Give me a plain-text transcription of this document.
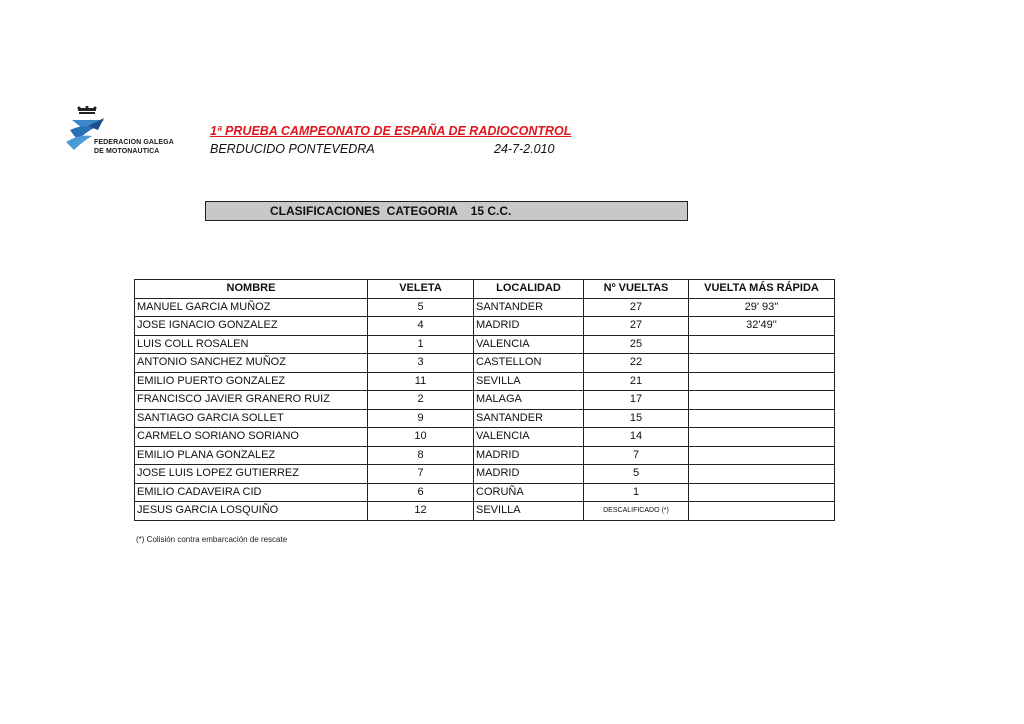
FEDERACION GALEGA
DE MOTONAUTICA
1ª PRUEBA CAMPEONATO DE ESPAÑA DE RADIOCONTROL
BERDUCIDO PONTEVEDRA	24-7-2.010
CLASIFICACIONES  CATEGORIA    15 C.C.
NOMBRE	VELETA	LOCALIDAD	Nº VUELTAS	VUELTA MÁS RÁPIDA
MANUEL GARCIA MUÑOZ	5	SANTANDER	27	29' 93''
JOSE IGNACIO GONZALEZ	4	MADRID	27	32'49''
LUIS COLL ROSALEN	1	VALENCIA	25	
ANTONIO SANCHEZ MUÑOZ	3	CASTELLON	22	
EMILIO PUERTO GONZALEZ	11	SEVILLA	21	
FRANCISCO JAVIER GRANERO RUIZ	2	MALAGA	17	
SANTIAGO GARCIA SOLLET	9	SANTANDER	15	
CARMELO SORIANO SORIANO	10	VALENCIA	14	
EMILIO PLANA GONZALEZ	8	MADRID	7	
JOSE LUIS LOPEZ GUTIERREZ	7	MADRID	5	
EMILIO CADAVEIRA CID	6	CORUÑA	1	
JESUS GARCIA LOSQUIÑO	12	SEVILLA	DESCALIFICADO (*)	
(*) Colisión contra embarcación de rescate
